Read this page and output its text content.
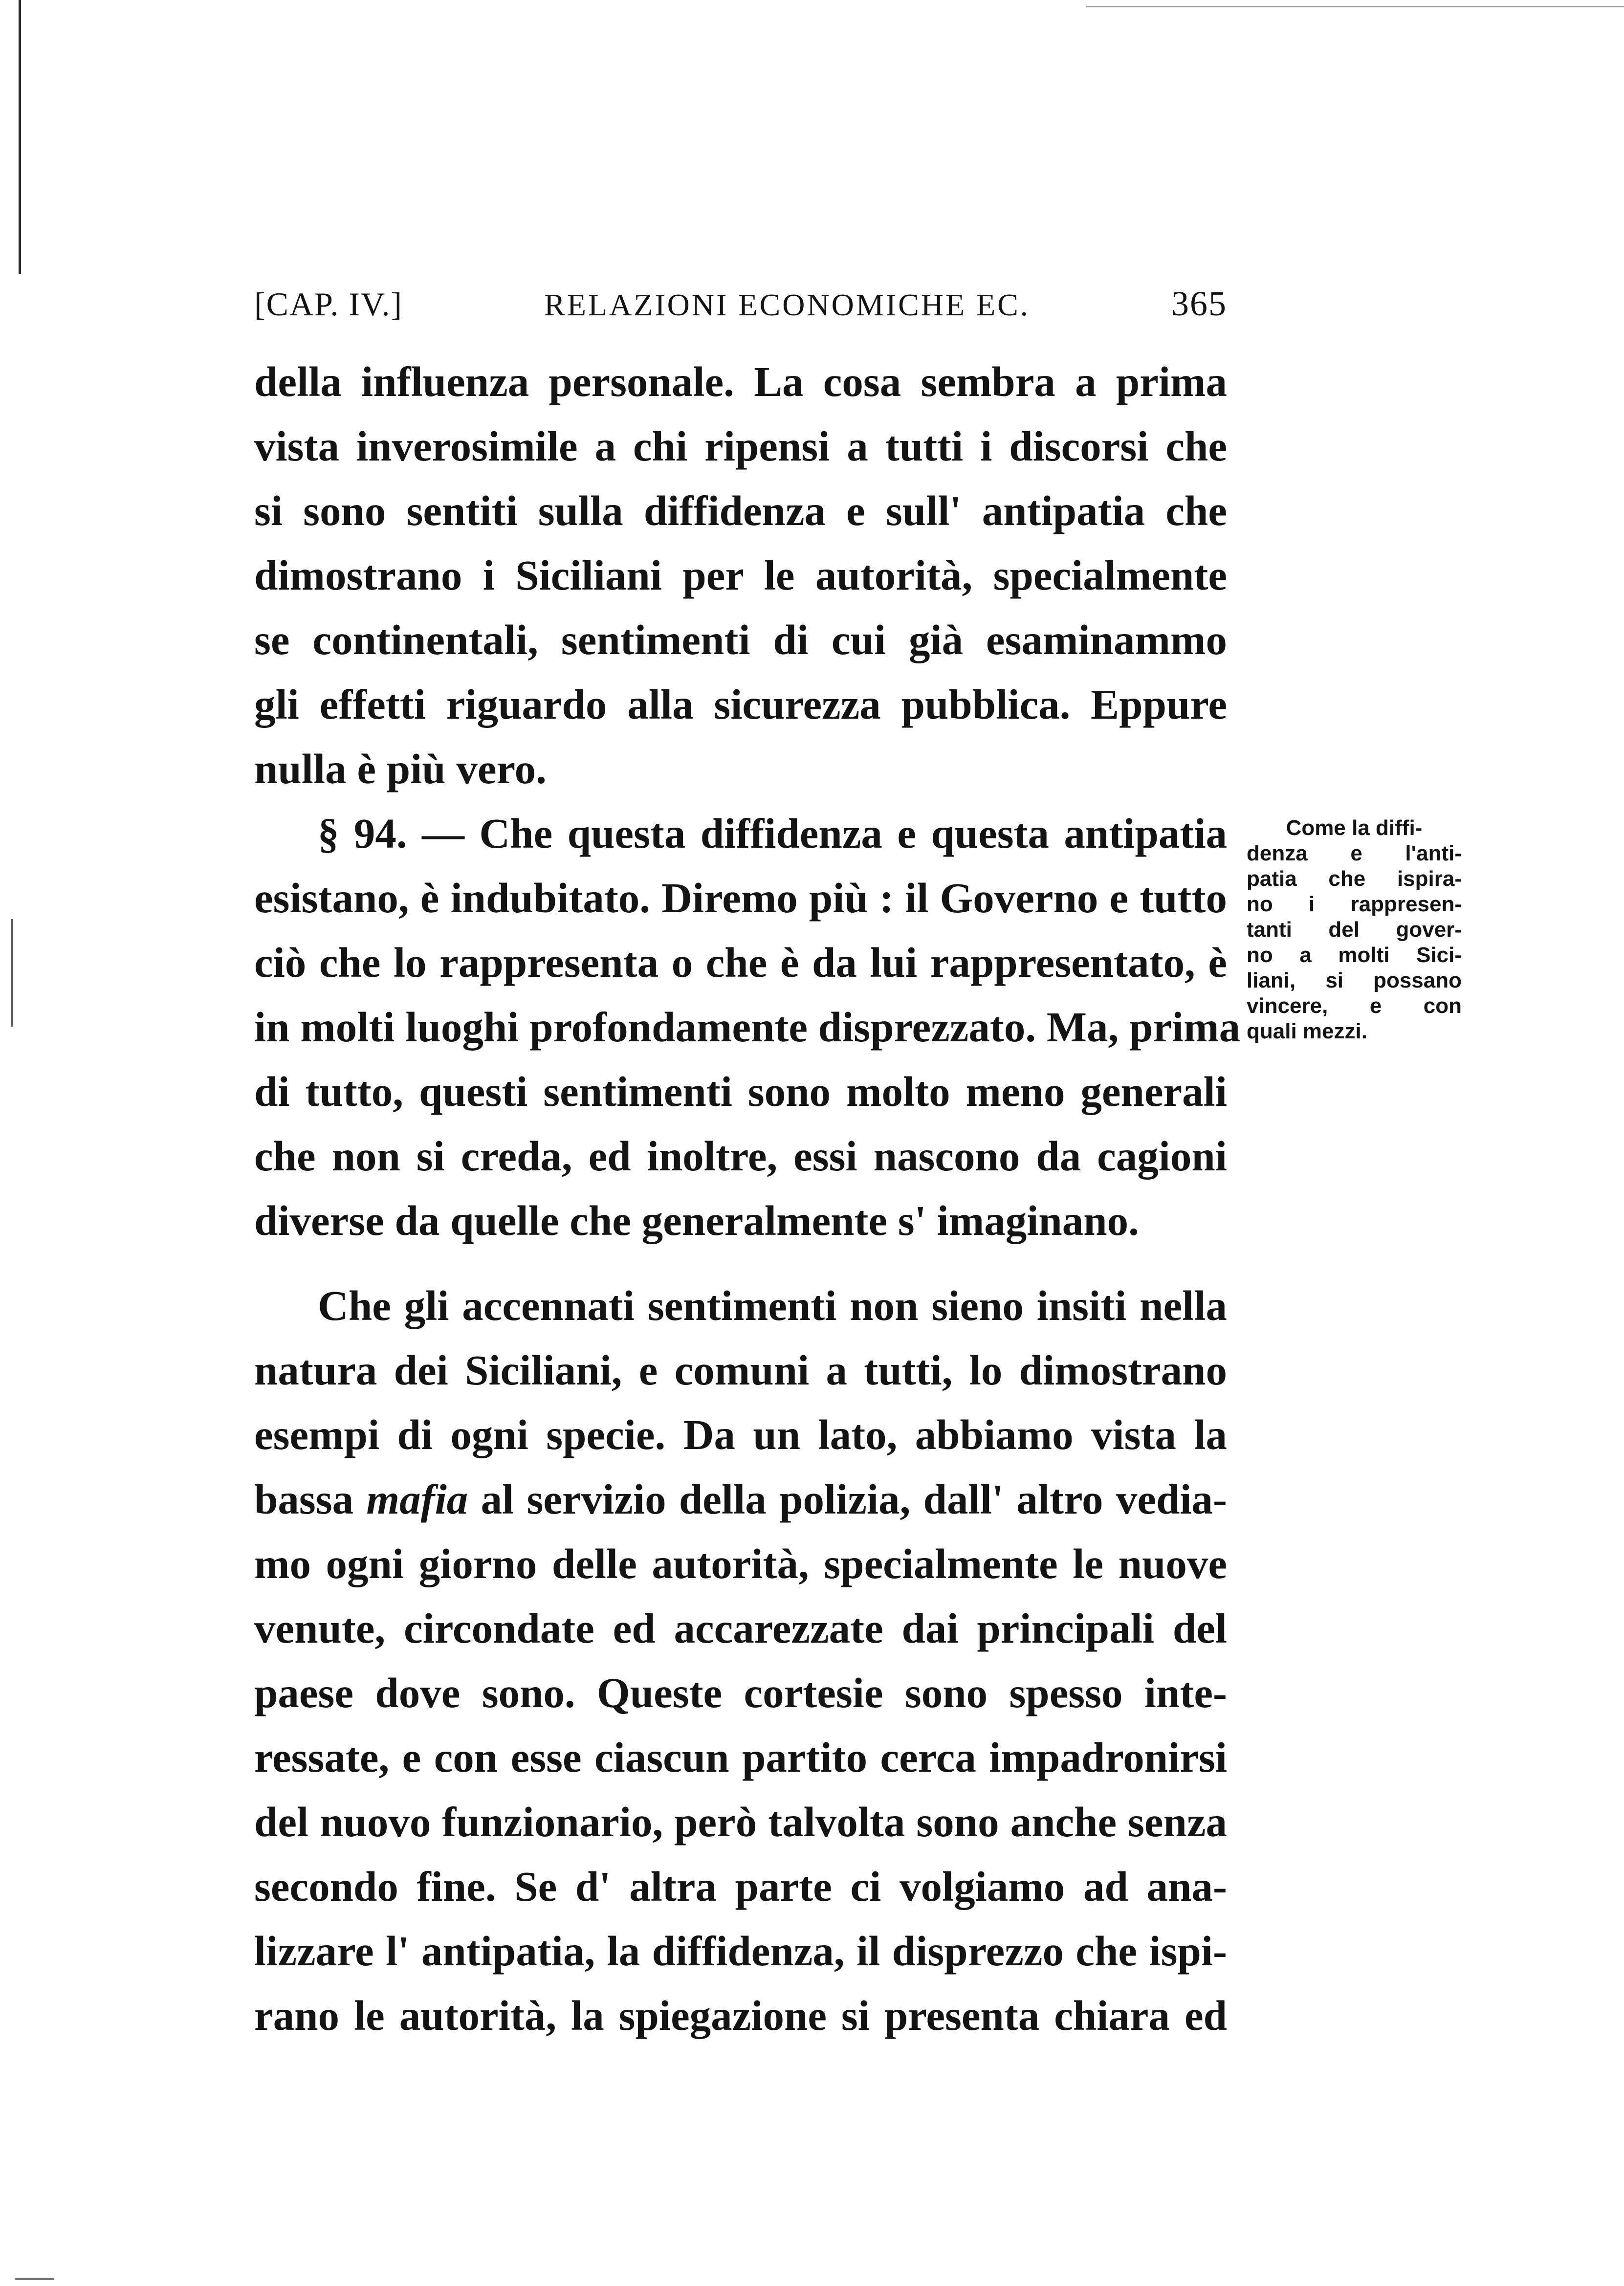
[CAP. IV.]	RELAZIONI ECONOMICHE EC.	365
della influenza personale. La cosa sembra a prima
vista inverosimile a chi ripensi a tutti i discorsi che
si sono sentiti sulla diffidenza e sull' antipatia che
dimostrano i Siciliani per le autorità, specialmente
se continentali, sentimenti di cui già esaminammo
gli effetti riguardo alla sicurezza pubblica. Eppure
nulla è più vero.
§ 94. — Che questa diffidenza e questa antipatia
esistano, è indubitato. Diremo più : il Governo e tutto
ciò che lo rappresenta o che è da lui rappresentato, è
in molti luoghi profondamente disprezzato. Ma, prima
di tutto, questi sentimenti sono molto meno generali
che non si creda, ed inoltre, essi nascono da cagioni
diverse da quelle che generalmente s' imaginano.
Che gli accennati sentimenti non sieno insiti nella
natura dei Siciliani, e comuni a tutti, lo dimostrano
esempi di ogni specie. Da un lato, abbiamo vista la
bassa mafia al servizio della polizia, dall' altro vedia-
mo ogni giorno delle autorità, specialmente le nuove
venute, circondate ed accarezzate dai principali del
paese dove sono. Queste cortesie sono spesso inte-
ressate, e con esse ciascun partito cerca impadronirsi
del nuovo funzionario, però talvolta sono anche senza
secondo fine. Se d' altra parte ci volgiamo ad ana-
lizzare l' antipatia, la diffidenza, il disprezzo che ispi-
rano le autorità, la spiegazione si presenta chiara ed
Come la diffi-
denza e l'anti-
patia che ispira-
no i rappresen-
tanti del gover-
no a molti Sici-
liani, si possano
vincere, e con
quali mezzi.
